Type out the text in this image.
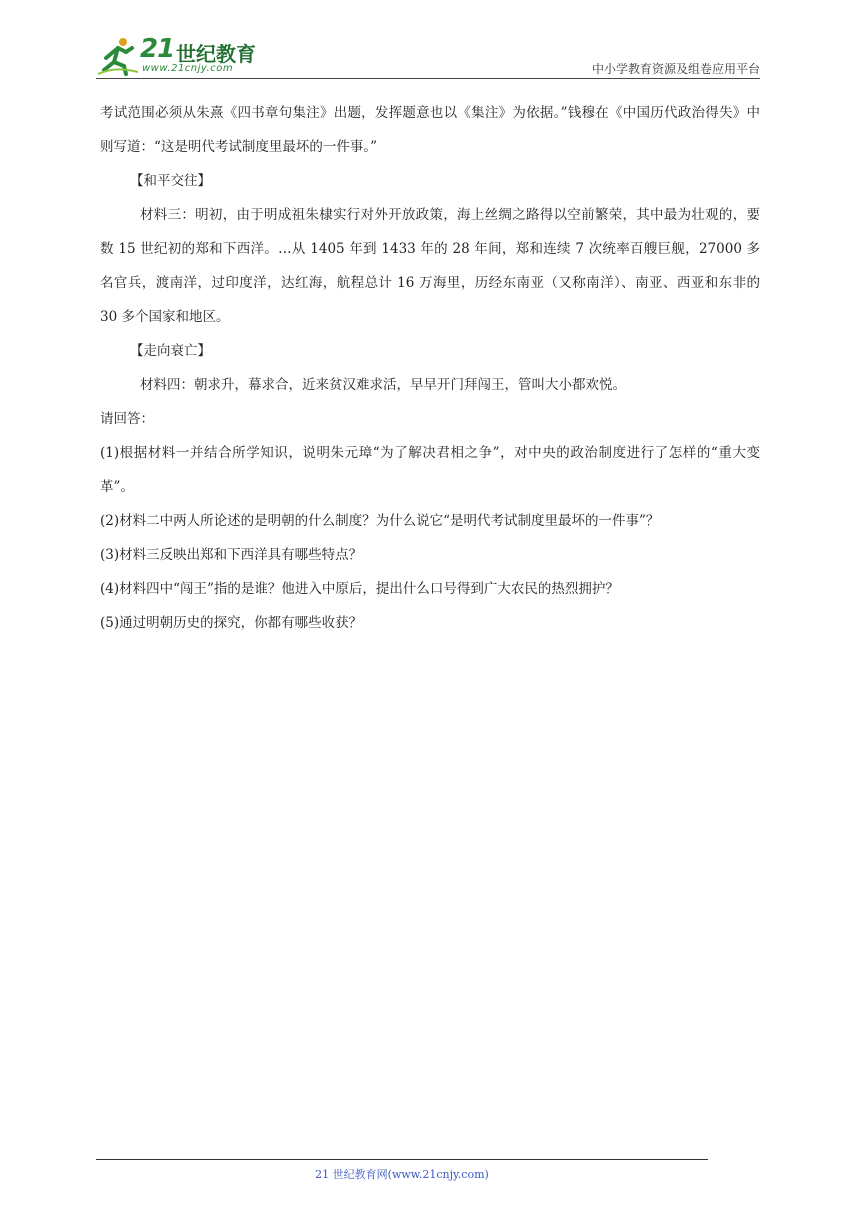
21 世纪教育
www.21cnjy.com	中小学教育资源及组卷应用平台

考试范围必须从朱熹《四书章句集注》出题，发挥题意也以《集注》为依据。”钱穆在《中国历代政治得失》中则写道：“这是明代考试制度里最坏的一件事。”

【和平交往】

材料三：明初，由于明成祖朱棣实行对外开放政策，海上丝绸之路得以空前繁荣，其中最为壮观的，要数 15 世纪初的郑和下西洋。…从 1405 年到 1433 年的 28 年间，郑和连续 7 次统率百艘巨舰，27000 多名官兵，渡南洋，过印度洋，达红海，航程总计 16 万海里，历经东南亚（又称南洋）、南亚、西亚和东非的 30 多个国家和地区。

【走向衰亡】

材料四：朝求升，幕求合，近来贫汉难求活，早早开门拜闯王，管叫大小都欢悦。

请回答：

(1)根据材料一并结合所学知识，说明朱元璋“为了解决君相之争”，对中央的政治制度进行了怎样的“重大变革”。

(2)材料二中两人所论述的是明朝的什么制度？为什么说它“是明代考试制度里最坏的一件事”？

(3)材料三反映出郑和下西洋具有哪些特点？

(4)材料四中“闯王”指的是谁？他进入中原后，提出什么口号得到广大农民的热烈拥护？

(5)通过明朝历史的探究，你都有哪些收获？

21 世纪教育网(www.21cnjy.com)
